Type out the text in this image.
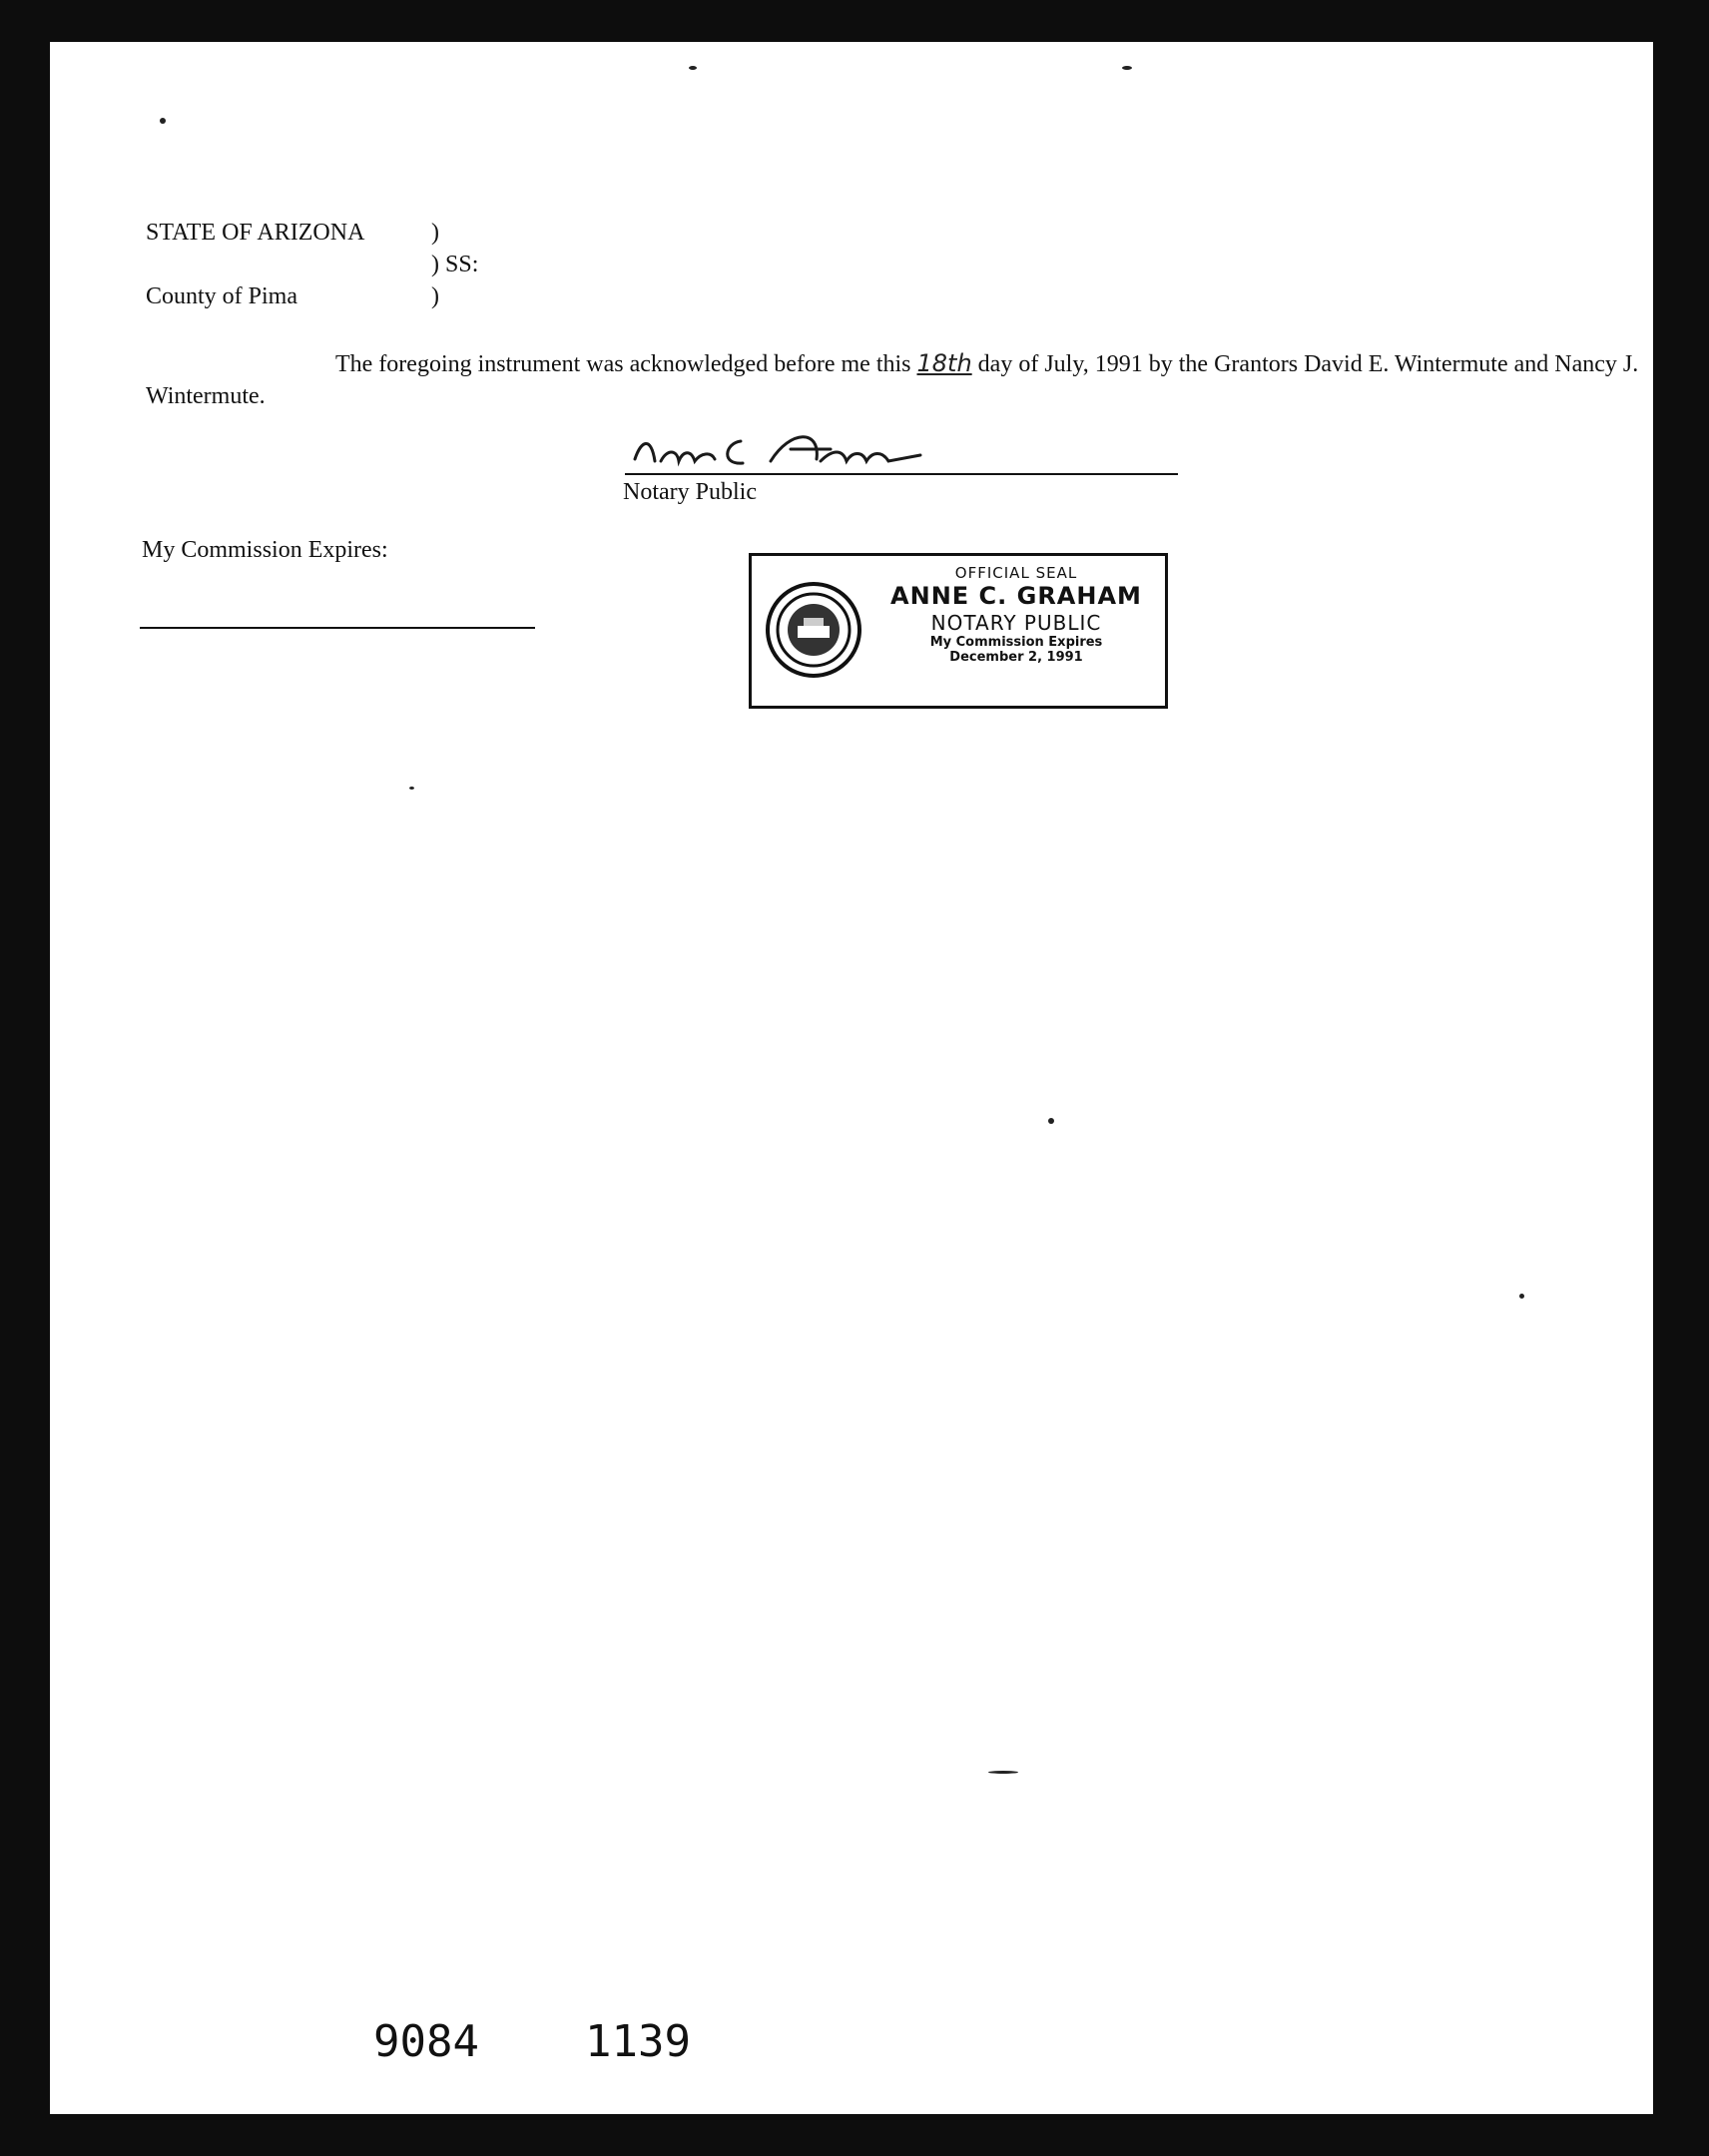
STATE OF ARIZONA	)
) SS:
County of Pima	)
The foregoing instrument was acknowledged before me this 18th day of July, 1991 by the Grantors David E. Wintermute and Nancy J. Wintermute.
Notary Public
My Commission Expires:
OFFICIAL SEAL
ANNE C. GRAHAM
NOTARY PUBLIC
My Commission Expires
December 2, 1991
9084 1139
